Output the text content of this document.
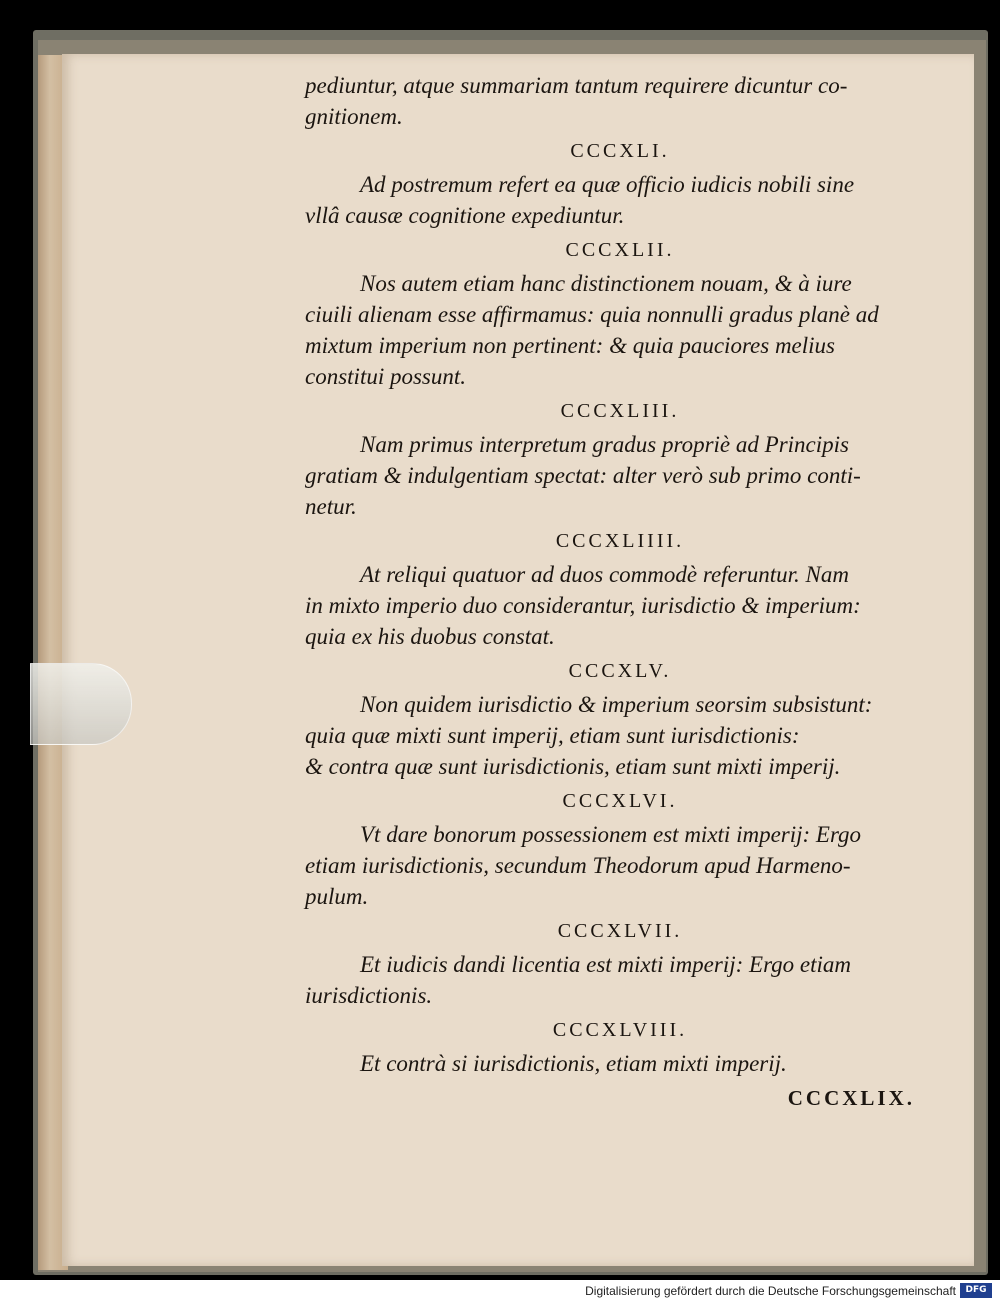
pediuntur, atque summariam tantum requirere dicuntur co-
gnitionem.
CCCXLI.
Ad postremum refert ea quæ officio iudicis nobili sine
vllâ causæ cognitione expediuntur.
CCCXLII.
Nos autem etiam hanc distinctionem nouam, & à iure
ciuili alienam esse affirmamus: quia nonnulli gradus planè ad
mixtum imperium non pertinent: & quia pauciores melius
constitui possunt.
CCCXLIII.
Nam primus interpretum gradus propriè ad Principis
gratiam & indulgentiam spectat: alter verò sub primo conti-
netur.
CCCXLIIII.
At reliqui quatuor ad duos commodè referuntur. Nam
in mixto imperio duo considerantur, iurisdictio & imperium:
quia ex his duobus constat.
CCCXLV.
Non quidem iurisdictio & imperium seorsim subsistunt:
quia quæ mixti sunt imperij, etiam sunt iurisdictionis:
& contra quæ sunt iurisdictionis, etiam sunt mixti imperij.
CCCXLVI.
Vt dare bonorum possessionem est mixti imperij: Ergo
etiam iurisdictionis, secundum Theodorum apud Harmeno-
pulum.
CCCXLVII.
Et iudicis dandi licentia est mixti imperij: Ergo etiam
iurisdictionis.
CCCXLVIII.
Et contrà si iurisdictionis, etiam mixti imperij.
CCCXLIX.
Digitalisierung gefördert durch die Deutsche Forschungsgemeinschaft	DFG
